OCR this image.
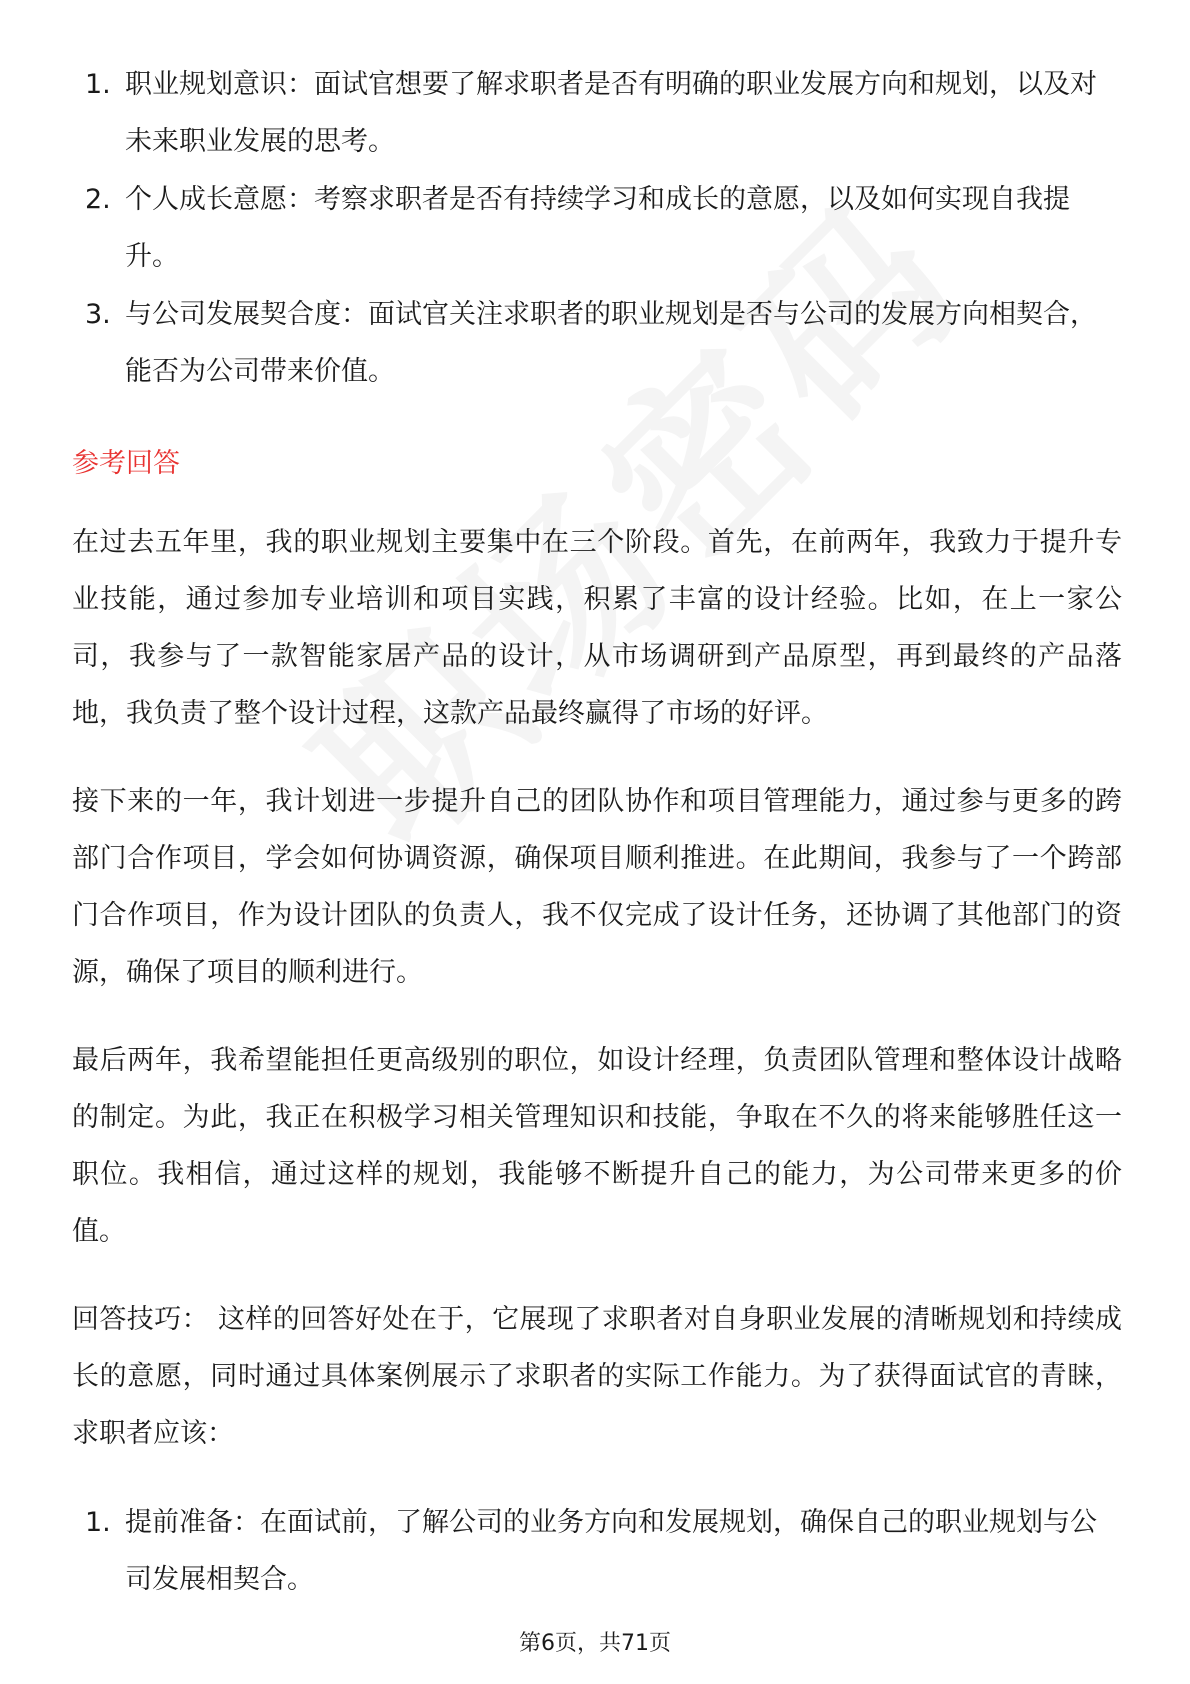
1. 职业规划意识：面试官想要了解求职者是否有明确的职业发展方向和规划，以及对未来职业发展的思考。
2. 个人成长意愿：考察求职者是否有持续学习和成长的意愿，以及如何实现自我提升。
3. 与公司发展契合度：面试官关注求职者的职业规划是否与公司的发展方向相契合，能否为公司带来价值。
参考回答

在过去五年里，我的职业规划主要集中在三个阶段。首先，在前两年，我致力于提升专业技能，通过参加专业培训和项目实践，积累了丰富的设计经验。比如，在上一家公司，我参与了一款智能家居产品的设计，从市场调研到产品原型，再到最终的产品落地，我负责了整个设计过程，这款产品最终赢得了市场的好评。

接下来的一年，我计划进一步提升自己的团队协作和项目管理能力，通过参与更多的跨部门合作项目，学会如何协调资源，确保项目顺利推进。在此期间，我参与了一个跨部门合作项目，作为设计团队的负责人，我不仅完成了设计任务，还协调了其他部门的资源，确保了项目的顺利进行。

最后两年，我希望能担任更高级别的职位，如设计经理，负责团队管理和整体设计战略的制定。为此，我正在积极学习相关管理知识和技能，争取在不久的将来能够胜任这一职位。我相信，通过这样的规划，我能够不断提升自己的能力，为公司带来更多的价值。

回答技巧： 这样的回答好处在于，它展现了求职者对自身职业发展的清晰规划和持续成长的意愿，同时通过具体案例展示了求职者的实际工作能力。为了获得面试官的青睐，求职者应该：

1. 提前准备：在面试前，了解公司的业务方向和发展规划，确保自己的职业规划与公司发展相契合。
第6页，共71页
